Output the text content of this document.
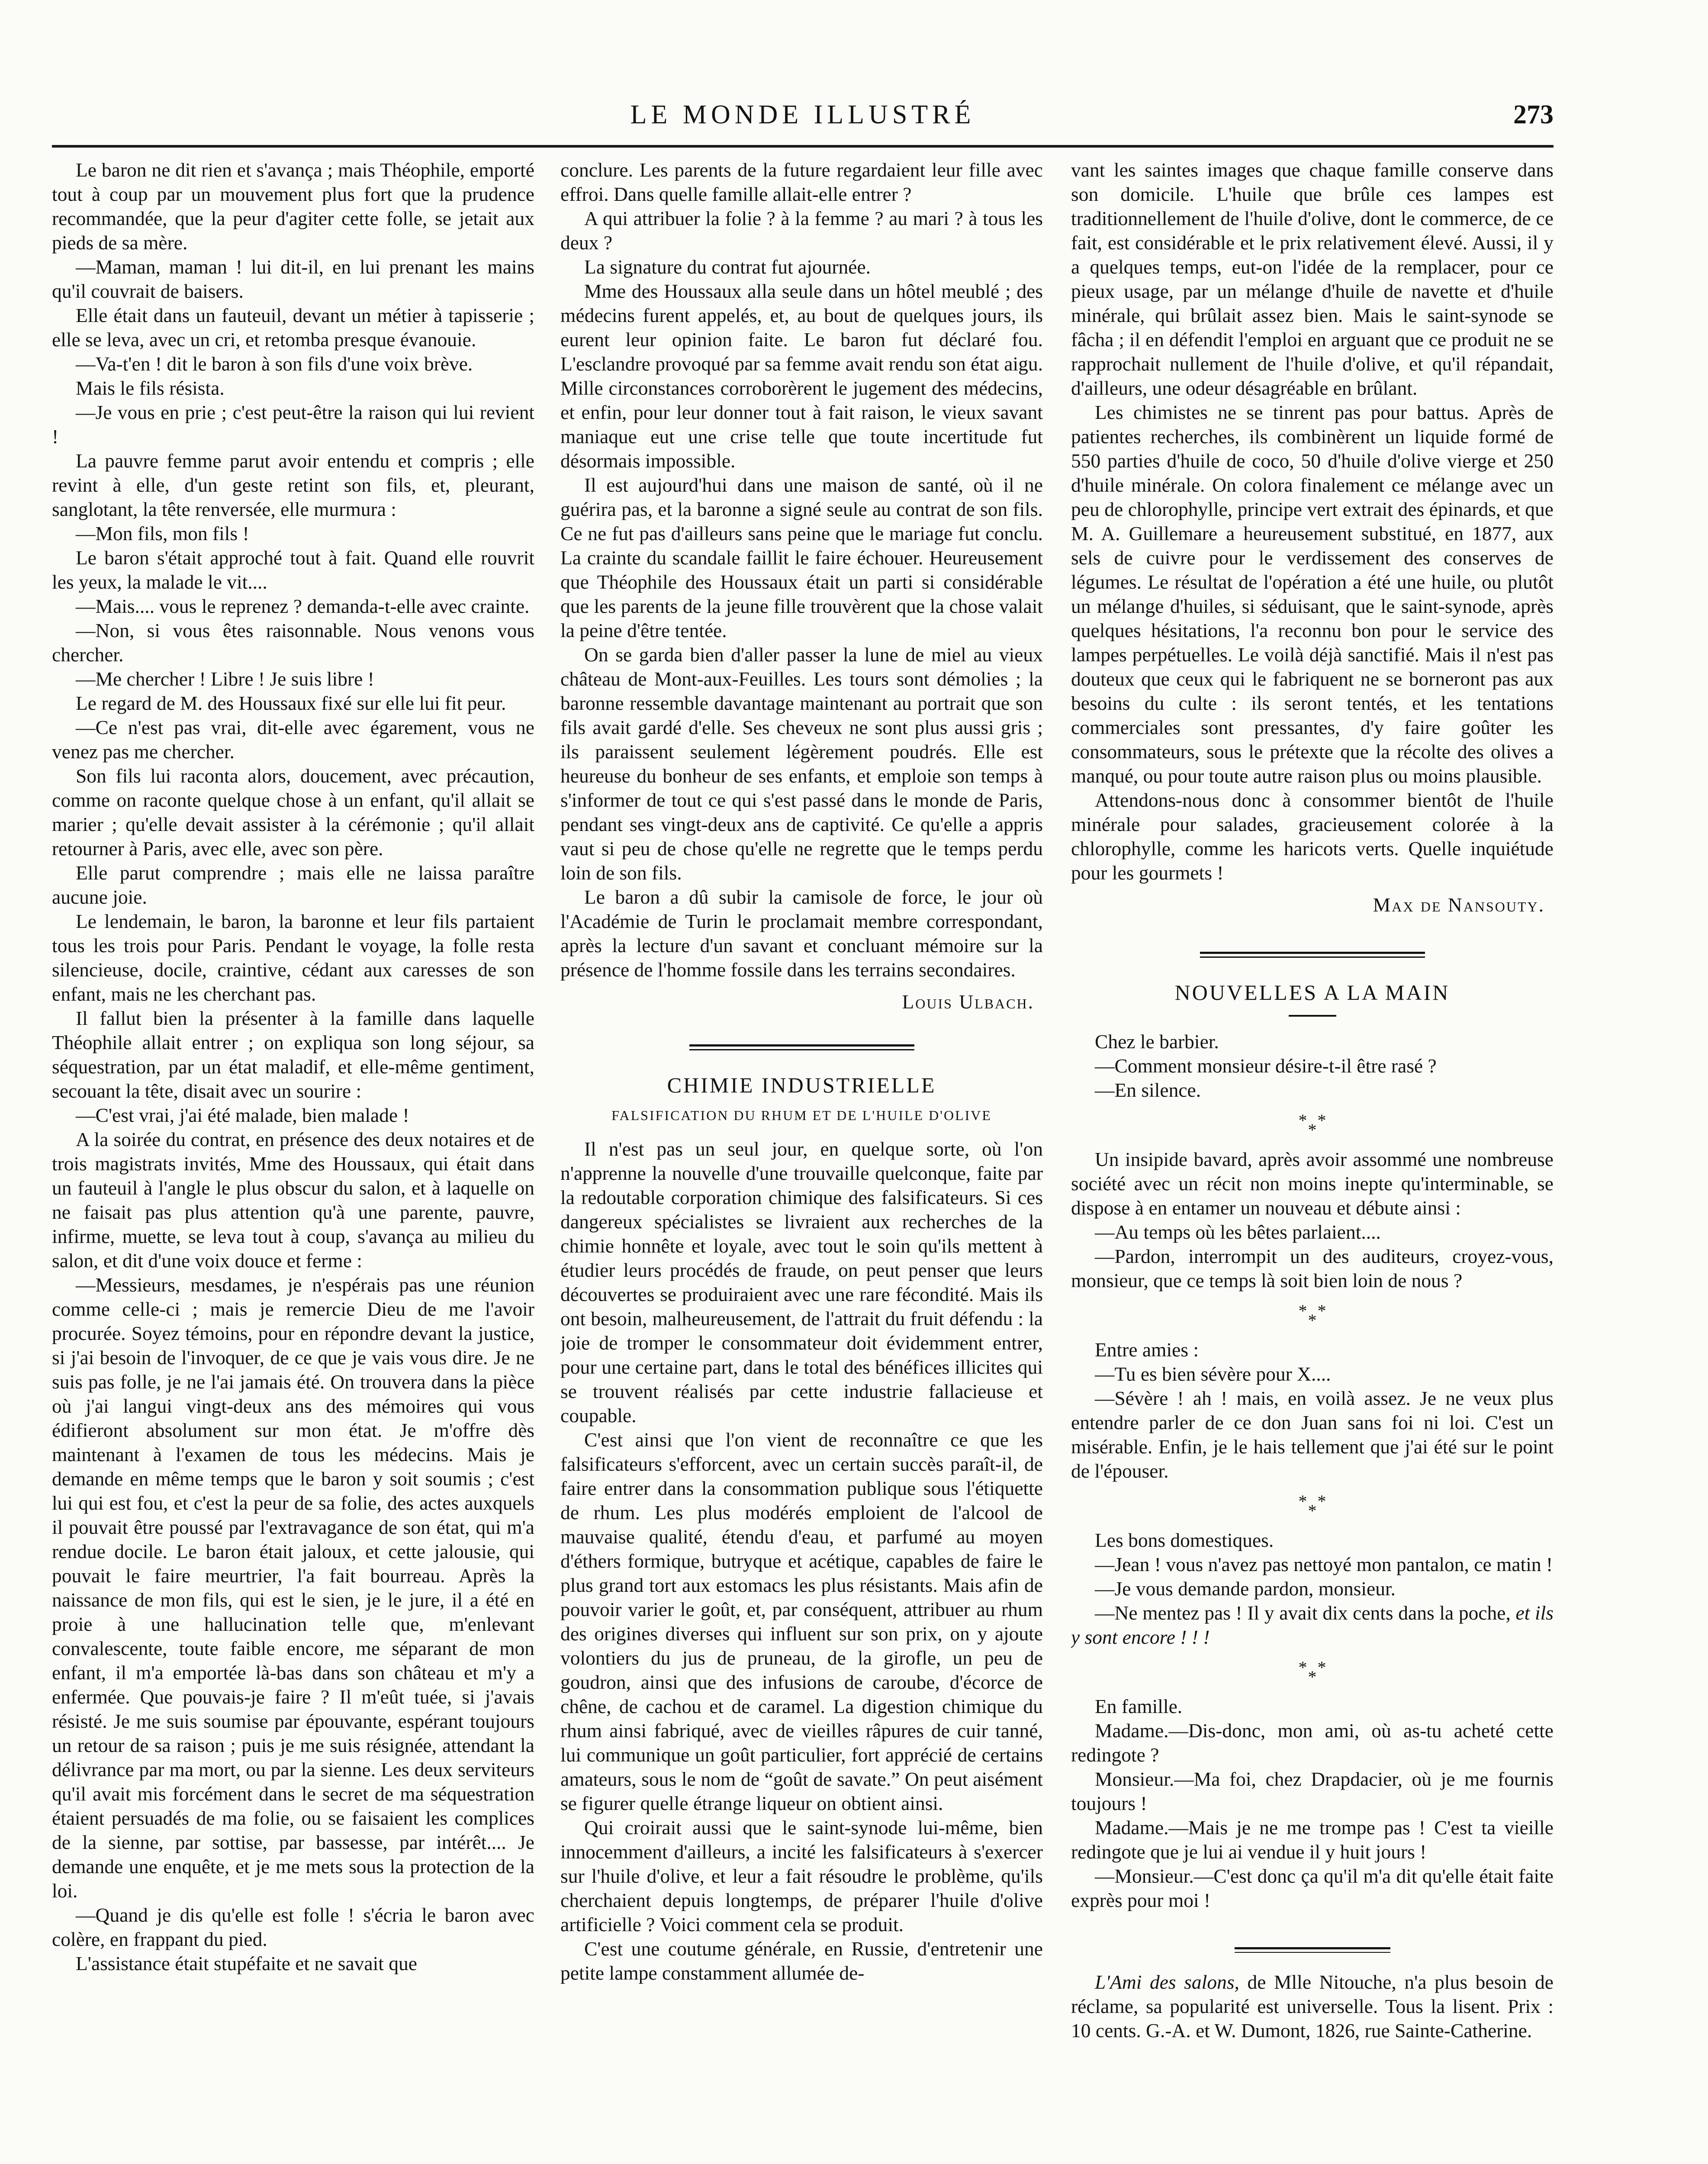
LE MONDE ILLUSTRÉ	273

Le baron ne dit rien et s'avança ; mais Théophile, emporté tout à coup par un mouvement plus fort que la prudence recommandée, que la peur d'agiter cette folle, se jetait aux pieds de sa mère.

—Maman, maman ! lui dit-il, en lui prenant les mains qu'il couvrait de baisers.

Elle était dans un fauteuil, devant un métier à tapisserie ; elle se leva, avec un cri, et retomba presque évanouie.

—Va-t'en ! dit le baron à son fils d'une voix brève.

Mais le fils résista.

—Je vous en prie ; c'est peut-être la raison qui lui revient !

La pauvre femme parut avoir entendu et compris ; elle revint à elle, d'un geste retint son fils, et, pleurant, sanglotant, la tête renversée, elle murmura :

—Mon fils, mon fils !

Le baron s'était approché tout à fait. Quand elle rouvrit les yeux, la malade le vit....

—Mais.... vous le reprenez ? demanda-t-elle avec crainte.

—Non, si vous êtes raisonnable. Nous venons vous chercher.

—Me chercher ! Libre ! Je suis libre !

Le regard de M. des Houssaux fixé sur elle lui fit peur.

—Ce n'est pas vrai, dit-elle avec égarement, vous ne venez pas me chercher.

Son fils lui raconta alors, doucement, avec précaution, comme on raconte quelque chose à un enfant, qu'il allait se marier ; qu'elle devait assister à la cérémonie ; qu'il allait retourner à Paris, avec elle, avec son père.

Elle parut comprendre ; mais elle ne laissa paraître aucune joie.

Le lendemain, le baron, la baronne et leur fils partaient tous les trois pour Paris. Pendant le voyage, la folle resta silencieuse, docile, craintive, cédant aux caresses de son enfant, mais ne les cherchant pas.

Il fallut bien la présenter à la famille dans laquelle Théophile allait entrer ; on expliqua son long séjour, sa séquestration, par un état maladif, et elle-même gentiment, secouant la tête, disait avec un sourire :

—C'est vrai, j'ai été malade, bien malade !

A la soirée du contrat, en présence des deux notaires et de trois magistrats invités, Mme des Houssaux, qui était dans un fauteuil à l'angle le plus obscur du salon, et à laquelle on ne faisait pas plus attention qu'à une parente, pauvre, infirme, muette, se leva tout à coup, s'avança au milieu du salon, et dit d'une voix douce et ferme :

—Messieurs, mesdames, je n'espérais pas une réunion comme celle-ci ; mais je remercie Dieu de me l'avoir procurée. Soyez témoins, pour en répondre devant la justice, si j'ai besoin de l'invoquer, de ce que je vais vous dire. Je ne suis pas folle, je ne l'ai jamais été. On trouvera dans la pièce où j'ai langui vingt-deux ans des mémoires qui vous édifieront absolument sur mon état. Je m'offre dès maintenant à l'examen de tous les médecins. Mais je demande en même temps que le baron y soit soumis ; c'est lui qui est fou, et c'est la peur de sa folie, des actes auxquels il pouvait être poussé par l'extravagance de son état, qui m'a rendue docile. Le baron était jaloux, et cette jalousie, qui pouvait le faire meurtrier, l'a fait bourreau. Après la naissance de mon fils, qui est le sien, je le jure, il a été en proie à une hallucination telle que, m'enlevant convalescente, toute faible encore, me séparant de mon enfant, il m'a emportée là-bas dans son château et m'y a enfermée. Que pouvais-je faire ? Il m'eût tuée, si j'avais résisté. Je me suis soumise par épouvante, espérant toujours un retour de sa raison ; puis je me suis résignée, attendant la délivrance par ma mort, ou par la sienne. Les deux serviteurs qu'il avait mis forcément dans le secret de ma séquestration étaient persuadés de ma folie, ou se faisaient les complices de la sienne, par sottise, par bassesse, par intérêt.... Je demande une enquête, et je me mets sous la protection de la loi.

—Quand je dis qu'elle est folle ! s'écria le baron avec colère, en frappant du pied.

L'assistance était stupéfaite et ne savait que

conclure. Les parents de la future regardaient leur fille avec effroi. Dans quelle famille allait-elle entrer ?

A qui attribuer la folie ? à la femme ? au mari ? à tous les deux ?

La signature du contrat fut ajournée.

Mme des Houssaux alla seule dans un hôtel meublé ; des médecins furent appelés, et, au bout de quelques jours, ils eurent leur opinion faite. Le baron fut déclaré fou. L'esclandre provoqué par sa femme avait rendu son état aigu. Mille circonstances corroborèrent le jugement des médecins, et enfin, pour leur donner tout à fait raison, le vieux savant maniaque eut une crise telle que toute incertitude fut désormais impossible.

Il est aujourd'hui dans une maison de santé, où il ne guérira pas, et la baronne a signé seule au contrat de son fils. Ce ne fut pas d'ailleurs sans peine que le mariage fut conclu. La crainte du scandale faillit le faire échouer. Heureusement que Théophile des Houssaux était un parti si considérable que les parents de la jeune fille trouvèrent que la chose valait la peine d'être tentée.

On se garda bien d'aller passer la lune de miel au vieux château de Mont-aux-Feuilles. Les tours sont démolies ; la baronne ressemble davantage maintenant au portrait que son fils avait gardé d'elle. Ses cheveux ne sont plus aussi gris ; ils paraissent seulement légèrement poudrés. Elle est heureuse du bonheur de ses enfants, et emploie son temps à s'informer de tout ce qui s'est passé dans le monde de Paris, pendant ses vingt-deux ans de captivité. Ce qu'elle a appris vaut si peu de chose qu'elle ne regrette que le temps perdu loin de son fils.

Le baron a dû subir la camisole de force, le jour où l'Académie de Turin le proclamait membre correspondant, après la lecture d'un savant et concluant mémoire sur la présence de l'homme fossile dans les terrains secondaires.

Louis Ulbach.
CHIMIE INDUSTRIELLE
FALSIFICATION DU RHUM ET DE L'HUILE D'OLIVE

Il n'est pas un seul jour, en quelque sorte, où l'on n'apprenne la nouvelle d'une trouvaille quelconque, faite par la redoutable corporation chimique des falsificateurs. Si ces dangereux spécialistes se livraient aux recherches de la chimie honnête et loyale, avec tout le soin qu'ils mettent à étudier leurs procédés de fraude, on peut penser que leurs découvertes se produiraient avec une rare fécondité. Mais ils ont besoin, malheureusement, de l'attrait du fruit défendu : la joie de tromper le consommateur doit évidemment entrer, pour une certaine part, dans le total des bénéfices illicites qui se trouvent réalisés par cette industrie fallacieuse et coupable.

C'est ainsi que l'on vient de reconnaître ce que les falsificateurs s'efforcent, avec un certain succès paraît-il, de faire entrer dans la consommation publique sous l'étiquette de rhum. Les plus modérés emploient de l'alcool de mauvaise qualité, étendu d'eau, et parfumé au moyen d'éthers formique, butryque et acétique, capables de faire le plus grand tort aux estomacs les plus résistants. Mais afin de pouvoir varier le goût, et, par conséquent, attribuer au rhum des origines diverses qui influent sur son prix, on y ajoute volontiers du jus de pruneau, de la girofle, un peu de goudron, ainsi que des infusions de caroube, d'écorce de chêne, de cachou et de caramel. La digestion chimique du rhum ainsi fabriqué, avec de vieilles râpures de cuir tanné, lui communique un goût particulier, fort apprécié de certains amateurs, sous le nom de “goût de savate.” On peut aisément se figurer quelle étrange liqueur on obtient ainsi.

Qui croirait aussi que le saint-synode lui-même, bien innocemment d'ailleurs, a incité les falsificateurs à s'exercer sur l'huile d'olive, et leur a fait résoudre le problème, qu'ils cherchaient depuis longtemps, de préparer l'huile d'olive artificielle ? Voici comment cela se produit.

C'est une coutume générale, en Russie, d'entretenir une petite lampe constamment allumée de-

vant les saintes images que chaque famille conserve dans son domicile. L'huile que brûle ces lampes est traditionnellement de l'huile d'olive, dont le commerce, de ce fait, est considérable et le prix relativement élevé. Aussi, il y a quelques temps, eut-on l'idée de la remplacer, pour ce pieux usage, par un mélange d'huile de navette et d'huile minérale, qui brûlait assez bien. Mais le saint-synode se fâcha ; il en défendit l'emploi en arguant que ce produit ne se rapprochait nullement de l'huile d'olive, et qu'il répandait, d'ailleurs, une odeur désagréable en brûlant.

Les chimistes ne se tinrent pas pour battus. Après de patientes recherches, ils combinèrent un liquide formé de 550 parties d'huile de coco, 50 d'huile d'olive vierge et 250 d'huile minérale. On colora finalement ce mélange avec un peu de chlorophylle, principe vert extrait des épinards, et que M. A. Guillemare a heureusement substitué, en 1877, aux sels de cuivre pour le verdissement des conserves de légumes. Le résultat de l'opération a été une huile, ou plutôt un mélange d'huiles, si séduisant, que le saint-synode, après quelques hésitations, l'a reconnu bon pour le service des lampes perpétuelles. Le voilà déjà sanctifié. Mais il n'est pas douteux que ceux qui le fabriquent ne se borneront pas aux besoins du culte : ils seront tentés, et les tentations commerciales sont pressantes, d'y faire goûter les consommateurs, sous le prétexte que la récolte des olives a manqué, ou pour toute autre raison plus ou moins plausible.

Attendons-nous donc à consommer bientôt de l'huile minérale pour salades, gracieusement colorée à la chlorophylle, comme les haricots verts. Quelle inquiétude pour les gourmets !

Max de Nansouty.
NOUVELLES A LA MAIN

Chez le barbier.

—Comment monsieur désire-t-il être rasé ?

—En silence.

* *
*

Un insipide bavard, après avoir assommé une nombreuse société avec un récit non moins inepte qu'interminable, se dispose à en entamer un nouveau et débute ainsi :

—Au temps où les bêtes parlaient....

—Pardon, interrompit un des auditeurs, croyez-vous, monsieur, que ce temps là soit bien loin de nous ?

* *
*

Entre amies :

—Tu es bien sévère pour X....

—Sévère ! ah ! mais, en voilà assez. Je ne veux plus entendre parler de ce don Juan sans foi ni loi. C'est un misérable. Enfin, je le hais tellement que j'ai été sur le point de l'épouser.

* *
*

Les bons domestiques.

—Jean ! vous n'avez pas nettoyé mon pantalon, ce matin !

—Je vous demande pardon, monsieur.

—Ne mentez pas ! Il y avait dix cents dans la poche, et ils y sont encore ! ! !

* *
*

En famille.

Madame.—Dis-donc, mon ami, où as-tu acheté cette redingote ?

Monsieur.—Ma foi, chez Drapdacier, où je me fournis toujours !

Madame.—Mais je ne me trompe pas ! C'est ta vieille redingote que je lui ai vendue il y huit jours !

—Monsieur.—C'est donc ça qu'il m'a dit qu'elle était faite exprès pour moi !

L'Ami des salons, de Mlle Nitouche, n'a plus besoin de réclame, sa popularité est universelle. Tous la lisent. Prix : 10 cents. G.-A. et W. Dumont, 1826, rue Sainte-Catherine.
